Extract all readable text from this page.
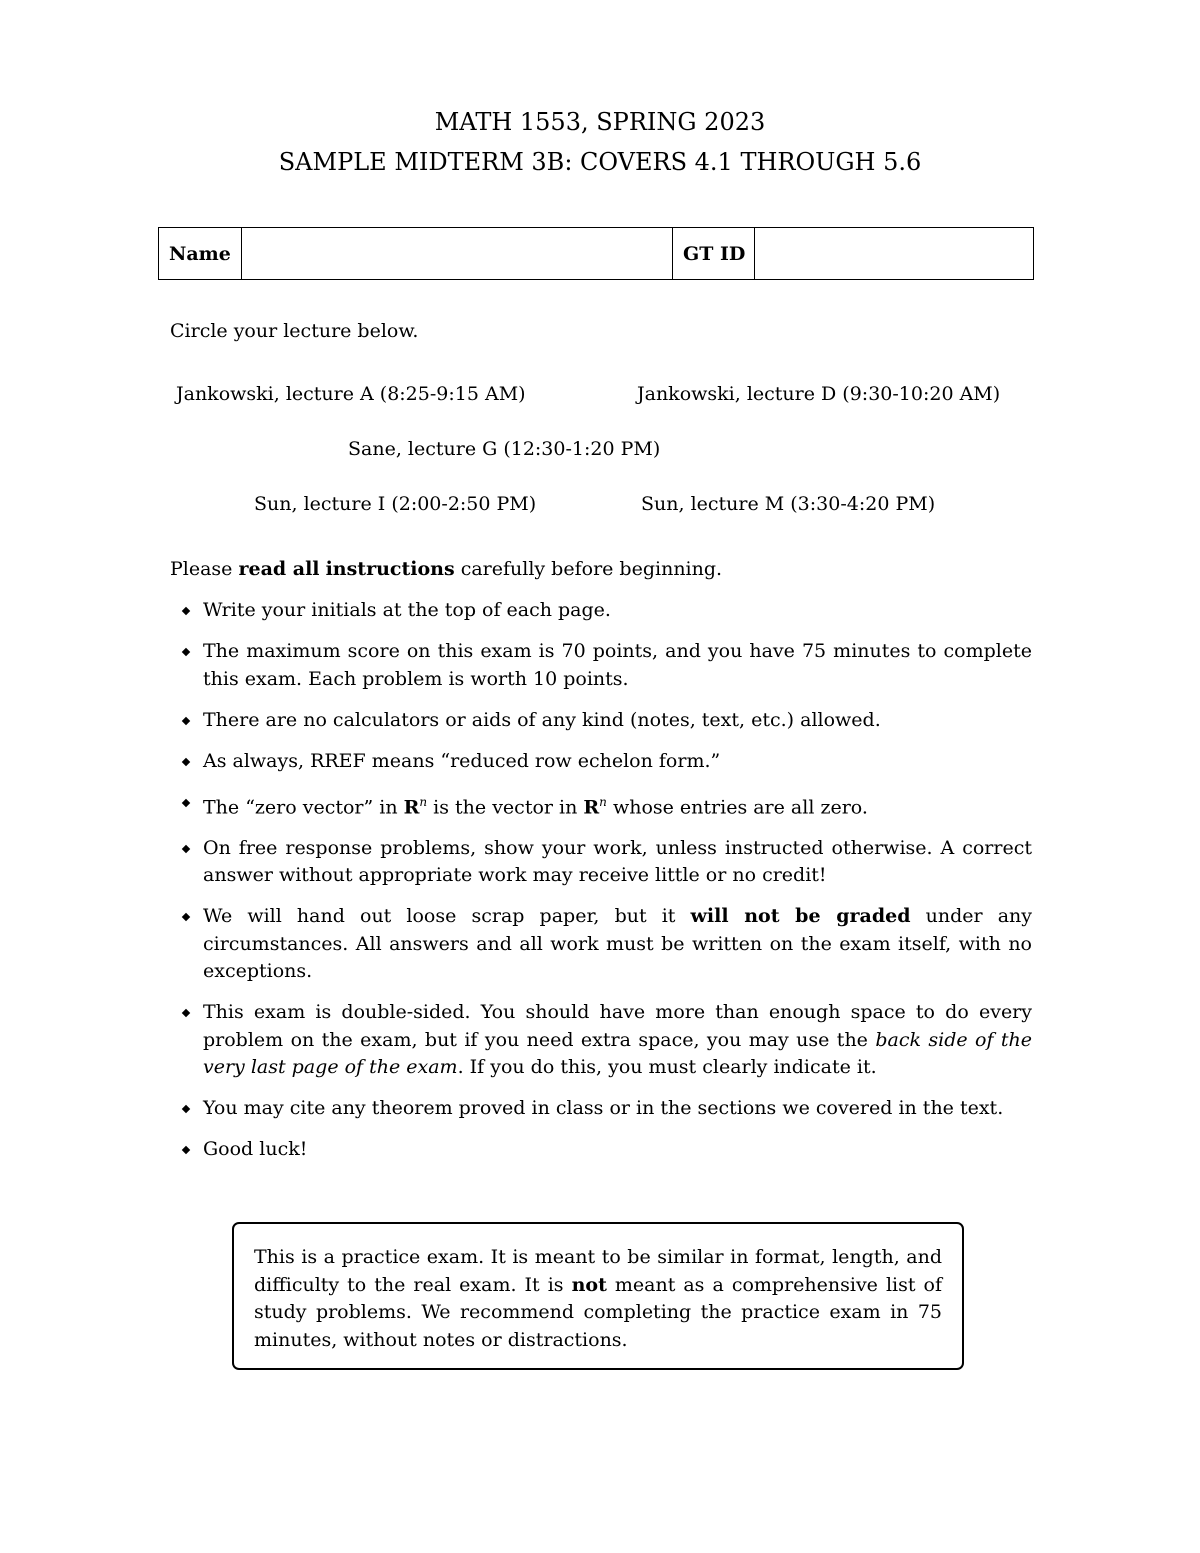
MATH 1553, SPRING 2023
SAMPLE MIDTERM 3B: COVERS 4.1 THROUGH 5.6
Name		GT ID	
Circle your lecture below.
Jankowski, lecture A (8:25-9:15 AM)	Jankowski, lecture D (9:30-10:20 AM)
Sane, lecture G (12:30-1:20 PM)
Sun, lecture I (2:00-2:50 PM)	Sun, lecture M (3:30-4:20 PM)
Please read all instructions carefully before beginning.
Write your initials at the top of each page.
The maximum score on this exam is 70 points, and you have 75 minutes to complete this exam. Each problem is worth 10 points.
There are no calculators or aids of any kind (notes, text, etc.) allowed.
As always, RREF means “reduced row echelon form.”
The “zero vector” in $R^n$ is the vector in $R^n$ whose entries are all zero.
On free response problems, show your work, unless instructed otherwise. A correct answer without appropriate work may receive little or no credit!
We will hand out loose scrap paper, but it will not be graded under any circumstances. All answers and all work must be written on the exam itself, with no exceptions.
This exam is double-sided. You should have more than enough space to do every problem on the exam, but if you need extra space, you may use the back side of the very last page of the exam. If you do this, you must clearly indicate it.
You may cite any theorem proved in class or in the sections we covered in the text.
Good luck!
This is a practice exam. It is meant to be similar in format, length, and difficulty to the real exam. It is not meant as a comprehensive list of study problems. We recommend completing the practice exam in 75 minutes, without notes or distractions.
